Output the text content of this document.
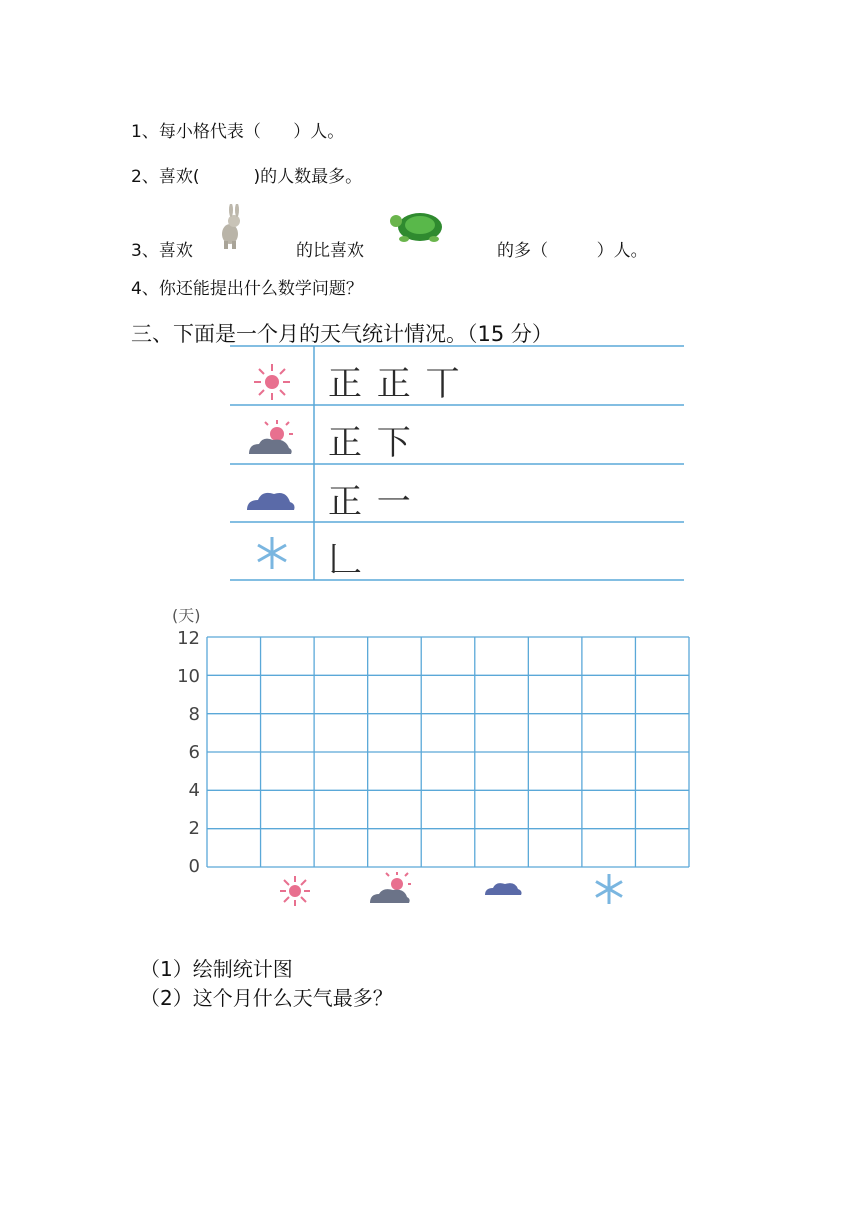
1、每小格代表（      ）人。
2、喜欢(          )的人数最多。
3、喜欢	的比喜欢	的多（         ）人。
4、你还能提出什么数学问题？
三、下面是一个月的天气统计情况。（15 分）
正 正 丅
正 下
正 一
𠃊
(天)
12
10
8
6
4
2
0
（1）绘制统计图
（2）这个月什么天气最多？
